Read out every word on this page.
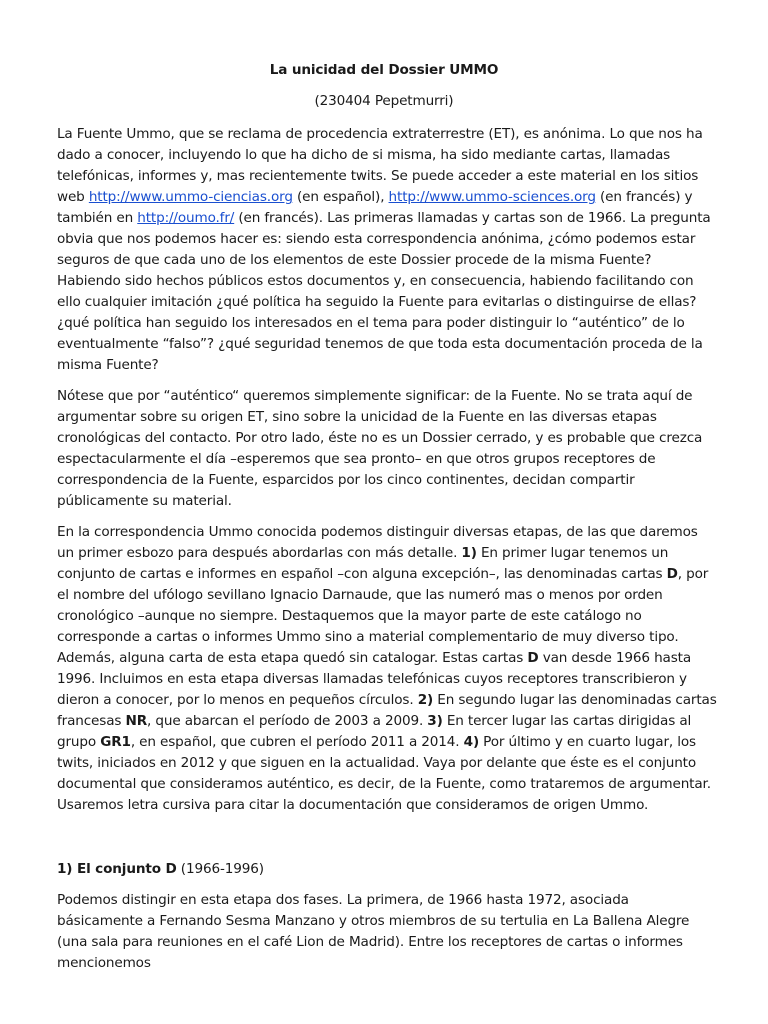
La unicidad del Dossier UMMO
(230404 Pepetmurri)

La Fuente Ummo, que se reclama de procedencia extraterrestre (ET), es anónima. Lo que nos ha dado a conocer, incluyendo lo que ha dicho de si misma, ha sido mediante cartas, llamadas telefónicas, informes y, mas recientemente twits. Se puede acceder a este material en los sitios web http://www.ummo-ciencias.org (en español), http://www.ummo-sciences.org (en francés) y también en http://oumo.fr/ (en francés). Las primeras llamadas y cartas son de 1966. La pregunta obvia que nos podemos hacer es: siendo esta correspondencia anónima, ¿cómo podemos estar seguros de que cada uno de los elementos de este Dossier procede de la misma Fuente? Habiendo sido hechos públicos estos documentos y, en consecuencia, habiendo facilitando con ello cualquier imitación ¿qué política ha seguido la Fuente para evitarlas o distinguirse de ellas? ¿qué política han seguido los interesados en el tema para poder distinguir lo “auténtico” de lo eventualmente “falso”? ¿qué seguridad tenemos de que toda esta documentación proceda de la misma Fuente?

Nótese que por “auténtico“ queremos simplemente significar: de la Fuente. No se trata aquí de argumentar sobre su origen ET, sino sobre la unicidad de la Fuente en las diversas etapas cronológicas del contacto. Por otro lado, éste no es un Dossier cerrado, y es probable que crezca espectacularmente el día –esperemos que sea pronto– en que otros grupos receptores de correspondencia de la Fuente, esparcidos por los cinco continentes, decidan compartir públicamente su material.

En la correspondencia Ummo conocida podemos distinguir diversas etapas, de las que daremos un primer esbozo para después abordarlas con más detalle. 1) En primer lugar tenemos un conjunto de cartas e informes en español –con alguna excepción–, las denominadas cartas D, por el nombre del ufólogo sevillano Ignacio Darnaude, que las numeró mas o menos por orden cronológico –aunque no siempre. Destaquemos que la mayor parte de este catálogo no corresponde a cartas o informes Ummo sino a material complementario de muy diverso tipo. Además, alguna carta de esta etapa quedó sin catalogar. Estas cartas D van desde 1966 hasta 1996. Incluimos en esta etapa diversas llamadas telefónicas cuyos receptores transcribieron y dieron a conocer, por lo menos en pequeños círculos. 2) En segundo lugar las denominadas cartas francesas NR, que abarcan el período de 2003 a 2009. 3) En tercer lugar las cartas dirigidas al grupo GR1, en español, que cubren el período 2011 a 2014. 4) Por último y en cuarto lugar, los twits, iniciados en 2012 y que siguen en la actualidad. Vaya por delante que éste es el conjunto documental que consideramos auténtico, es decir, de la Fuente, como trataremos de argumentar. Usaremos letra cursiva para citar la documentación que consideramos de origen Ummo.

1) El conjunto D (1966-1996)

Podemos distingir en esta etapa dos fases. La primera, de 1966 hasta 1972, asociada básicamente a Fernando Sesma Manzano y otros miembros de su tertulia en La Ballena Alegre (una sala para reuniones en el café Lion de Madrid). Entre los receptores de cartas o informes mencionemos
